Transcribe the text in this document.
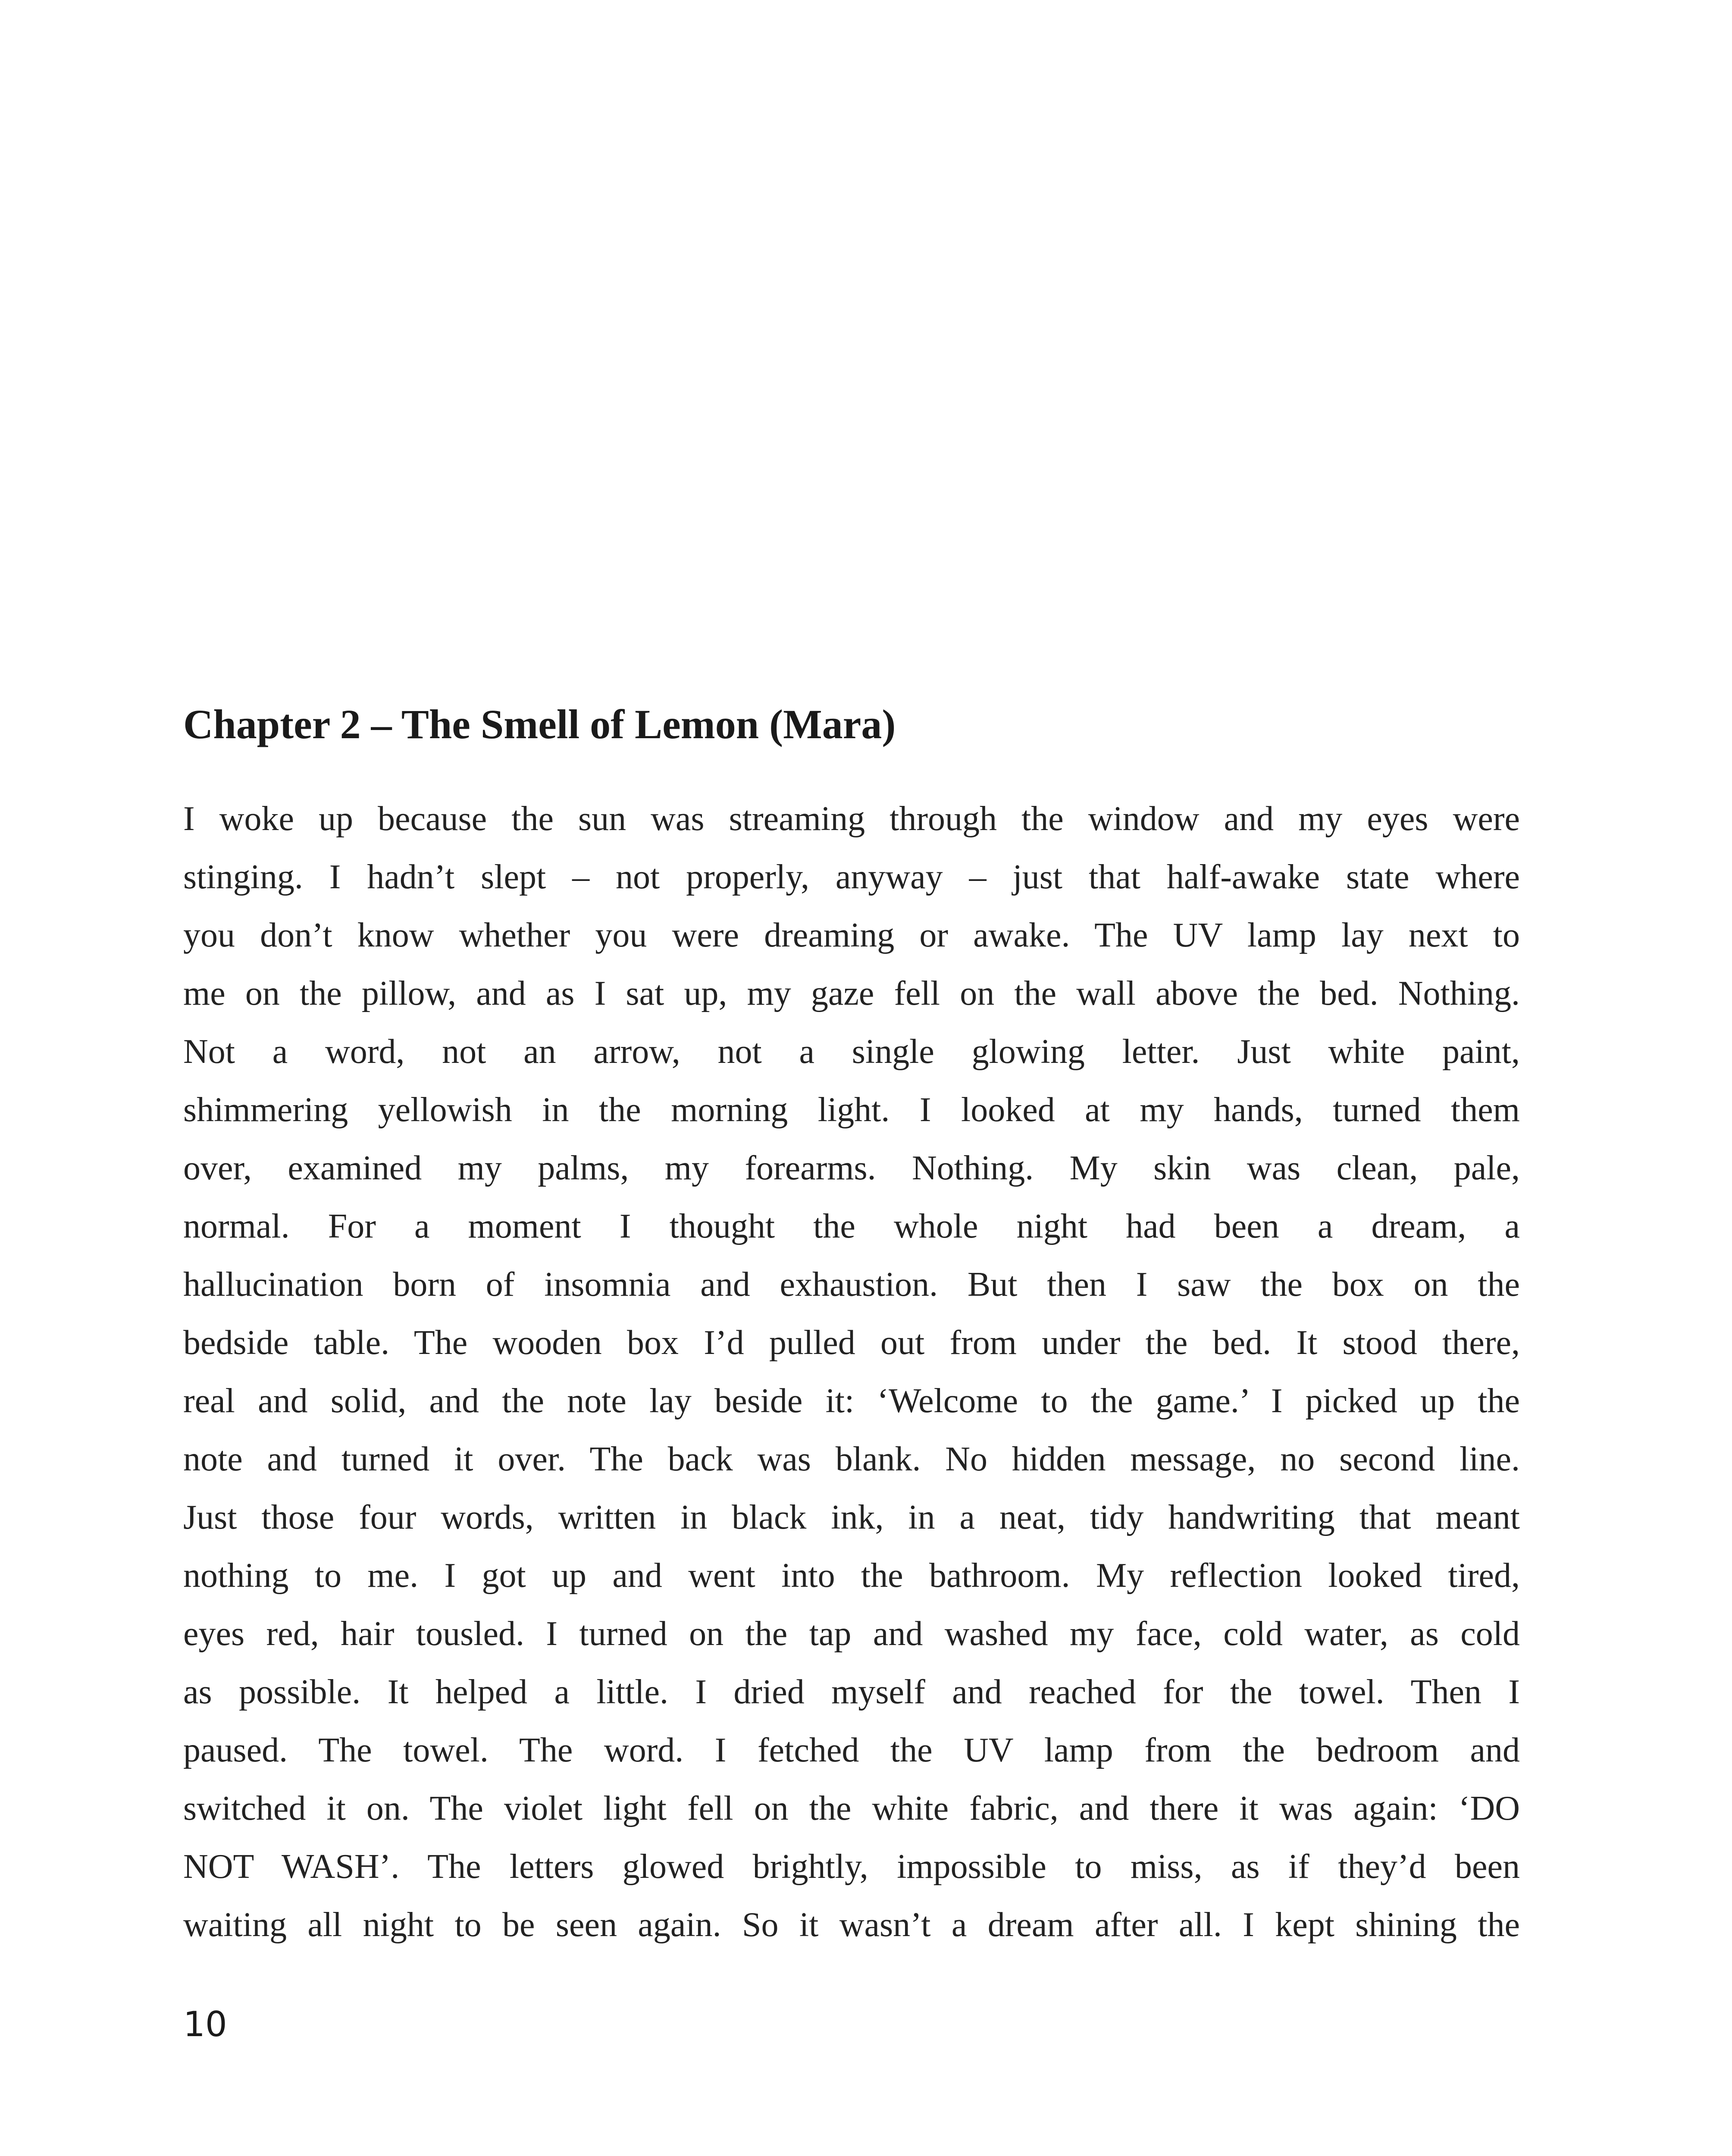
Chapter 2 – The Smell of Lemon (Mara)
I woke up because the sun was streaming through the window and my eyes were
stinging. I hadn’t slept – not properly, anyway – just that half-awake state where
you don’t know whether you were dreaming or awake. The UV lamp lay next to
me on the pillow, and as I sat up, my gaze fell on the wall above the bed. Nothing.
Not a word, not an arrow, not a single glowing letter. Just white paint,
shimmering yellowish in the morning light. I looked at my hands, turned them
over, examined my palms, my forearms. Nothing. My skin was clean, pale,
normal. For a moment I thought the whole night had been a dream, a
hallucination born of insomnia and exhaustion. But then I saw the box on the
bedside table. The wooden box I’d pulled out from under the bed. It stood there,
real and solid, and the note lay beside it: ‘Welcome to the game.’ I picked up the
note and turned it over. The back was blank. No hidden message, no second line.
Just those four words, written in black ink, in a neat, tidy handwriting that meant
nothing to me. I got up and went into the bathroom. My reflection looked tired,
eyes red, hair tousled. I turned on the tap and washed my face, cold water, as cold
as possible. It helped a little. I dried myself and reached for the towel. Then I
paused. The towel. The word. I fetched the UV lamp from the bedroom and
switched it on. The violet light fell on the white fabric, and there it was again: ‘DO
NOT WASH’. The letters glowed brightly, impossible to miss, as if they’d been
waiting all night to be seen again. So it wasn’t a dream after all. I kept shining the
10
